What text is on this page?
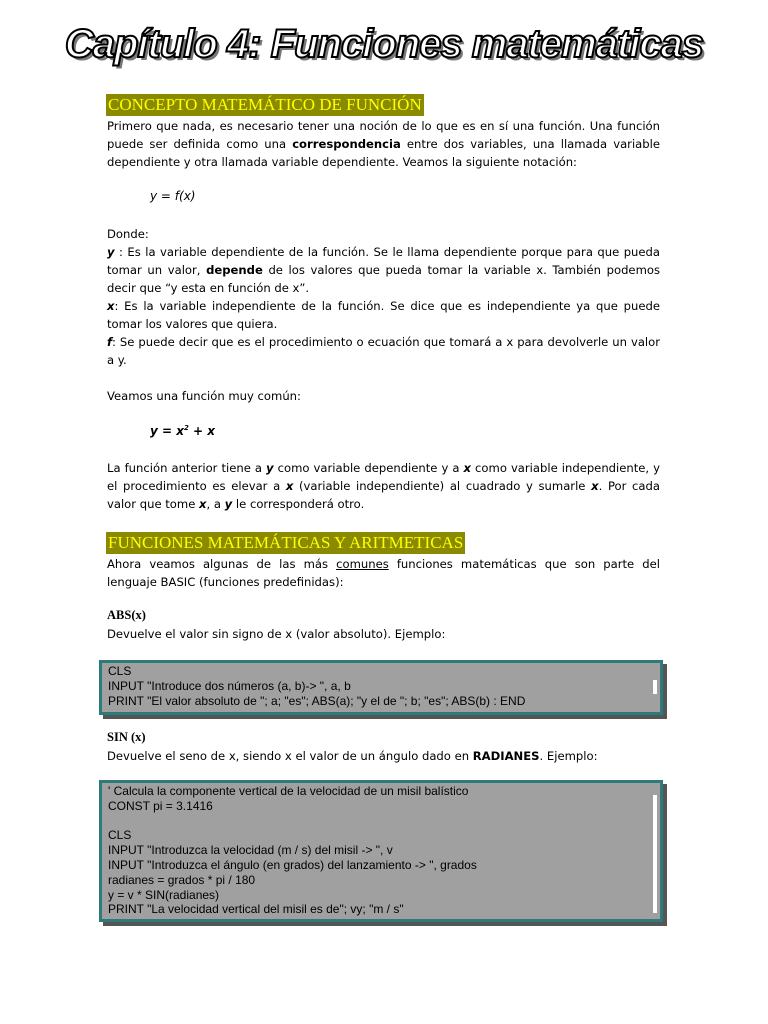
Capítulo 4: Funciones matemáticas
CONCEPTO MATEMÁTICO DE FUNCIÓN

Primero que nada, es necesario tener una noción de lo que es en sí una función. Una función puede ser definida como una correspondencia entre dos variables, una llamada variable dependiente y otra llamada variable dependiente. Veamos la siguiente notación:

y = f(x)

Donde:

y : Es la variable dependiente de la función. Se le llama dependiente porque para que pueda tomar un valor, depende de los valores que pueda tomar la variable x. También podemos decir que “y esta en función de x”.

x: Es la variable independiente de la función. Se dice que es independiente ya que puede tomar los valores que quiera.

f: Se puede decir que es el procedimiento o ecuación que tomará a x para devolverle un valor a y.

Veamos una función muy común:

$y = x^2 + x$

La función anterior tiene a y como variable dependiente y a x como variable independiente, y el procedimiento es elevar a x (variable independiente) al cuadrado y sumarle x. Por cada valor que tome x, a y le corresponderá otro.

FUNCIONES MATEMÁTICAS Y ARITMETICAS

Ahora veamos algunas de las más comunes funciones matemáticas que son parte del lenguaje BASIC (funciones predefinidas):

ABS(x)

Devuelve el valor sin signo de x (valor absoluto). Ejemplo:

CLS
INPUT "Introduce dos números (a, b)-> ", a, b
PRINT "El valor absoluto de "; a; "es"; ABS(a); "y el de "; b; "es"; ABS(b) : END
SIN (x)

Devuelve el seno de x, siendo x el valor de un ángulo dado en RADIANES. Ejemplo:

' Calcula la componente vertical de la velocidad de un misil balístico
CONST pi = 3.1416
CLS
INPUT "Introduzca la velocidad (m / s) del misil -> ", v
INPUT "Introduzca el ángulo (en grados) del lanzamiento -> ", grados
radianes = grados * pi / 180
y = v * SIN(radianes)
PRINT "La velocidad vertical del misil es de"; vy; "m / s"
